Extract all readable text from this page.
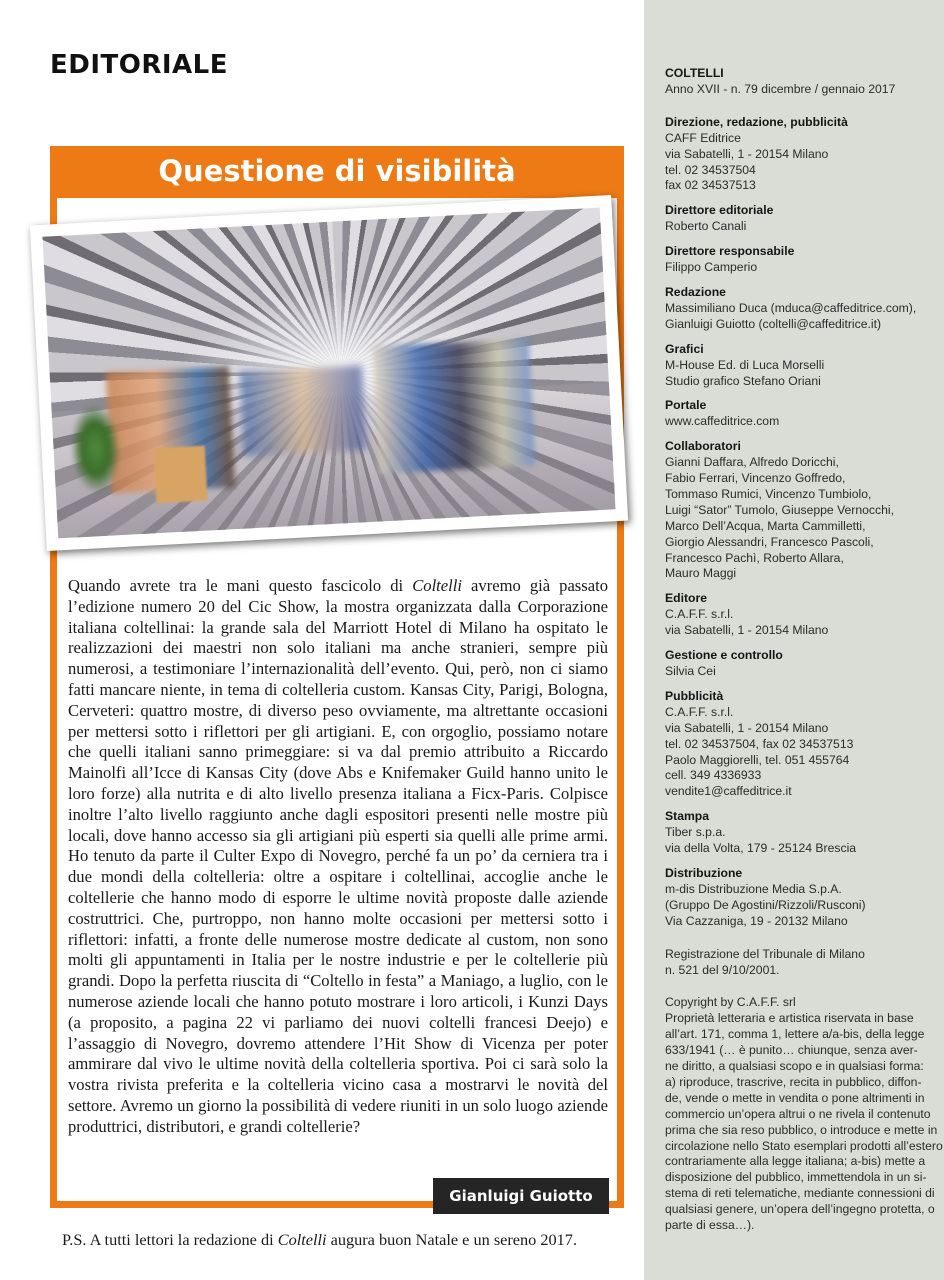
EDITORIALE
Questione di visibilità

Quando avrete tra le mani questo fascicolo di Coltelli avremo già passato l’edizione numero 20 del Cic Show, la mostra organizzata dalla Corporazione italiana coltellinai: la grande sala del Marriott Hotel di Milano ha ospitato le realizzazioni dei maestri non solo italiani ma anche stranieri, sempre più numerosi, a testimoniare l’internazionalità dell’evento. Qui, però, non ci siamo fatti mancare niente, in tema di coltelleria custom. Kansas City, Parigi, Bologna, Cerveteri: quattro mostre, di diverso peso ovviamente, ma altrettante occasioni per mettersi sotto i riflettori per gli artigiani. E, con orgoglio, possiamo notare che quelli italiani sanno primeggiare: si va dal premio attribuito a Riccardo Mainolfi all’Icce di Kansas City (dove Abs e Knifemaker Guild hanno unito le loro forze) alla nutrita e di alto livello presenza italiana a Ficx-Paris. Colpisce inoltre l’alto livello raggiunto anche dagli espositori presenti nelle mostre più locali, dove hanno accesso sia gli artigiani più esperti sia quelli alle prime armi. Ho tenuto da parte il Culter Expo di Novegro, perché fa un po’ da cerniera tra i due mondi della coltelleria: oltre a ospitare i coltellinai, accoglie anche le coltellerie che hanno modo di esporre le ultime novità proposte dalle aziende costruttrici. Che, purtroppo, non hanno molte occasioni per mettersi sotto i riflettori: infatti, a fronte delle numerose mostre dedicate al custom, non sono molti gli appuntamenti in Italia per le nostre industrie e per le coltellerie più grandi. Dopo la perfetta riuscita di “Coltello in festa” a Maniago, a luglio, con le numerose aziende locali che hanno potuto mostrare i loro articoli, i Kunzi Days (a proposito, a pagina 22 vi parliamo dei nuovi coltelli francesi Deejo) e l’assaggio di Novegro, dovremo attendere l’Hit Show di Vicenza per poter ammirare dal vivo le ultime novità della coltelleria sportiva. Poi ci sarà solo la vostra rivista preferita e la coltelleria vicino casa a mostrarvi le novità del settore. Avremo un giorno la possibilità di vedere riuniti in un solo luogo aziende produttrici, distributori, e grandi coltellerie?

Gianluigi Guiotto
P.S. A tutti lettori la redazione di Coltelli augura buon Natale e un sereno 2017.
COLTELLI
Anno XVII - n. 79 dicembre / gennaio 2017
Direzione, redazione, pubblicità
CAFF Editrice
via Sabatelli, 1 - 20154 Milano
tel. 02 34537504
fax 02 34537513
Direttore editoriale
Roberto Canali
Direttore responsabile
Filippo Camperio
Redazione
Massimiliano Duca (mduca@caffeditrice.com),
Gianluigi Guiotto (coltelli@caffeditrice.it)
Grafici
M-House Ed. di Luca Morselli
Studio grafico Stefano Oriani
Portale
www.caffeditrice.com
Collaboratori
Gianni Daffara, Alfredo Doricchi,
Fabio Ferrari, Vincenzo Goffredo,
Tommaso Rumici, Vincenzo Tumbiolo,
Luigi “Sator” Tumolo, Giuseppe Vernocchi,
Marco Dell’Acqua, Marta Cammilletti,
Giorgio Alessandri, Francesco Pascoli,
Francesco Pachì, Roberto Allara,
Mauro Maggi
Editore
C.A.F.F. s.r.l.
via Sabatelli, 1 - 20154 Milano
Gestione e controllo
Silvia Cei
Pubblicità
C.A.F.F. s.r.l.
via Sabatelli, 1 - 20154 Milano
tel. 02 34537504, fax 02 34537513
Paolo Maggiorelli, tel. 051 455764
cell. 349 4336933
vendite1@caffeditrice.it
Stampa
Tiber s.p.a.
via della Volta, 179 - 25124 Brescia
Distribuzione
m-dis Distribuzione Media S.p.A.
(Gruppo De Agostini/Rizzoli/Rusconi)
Via Cazzaniga, 19 - 20132 Milano
Registrazione del Tribunale di Milano
n. 521 del 9/10/2001.
Copyright by C.A.F.F. srl
Proprietà letteraria e artistica riservata in base
all’art. 171, comma 1, lettere a/a-bis, della legge
633/1941 (… è punito… chiunque, senza aver-
ne diritto, a qualsiasi scopo e in qualsiasi forma:
a) riproduce, trascrive, recita in pubblico, diffon-
de, vende o mette in vendita o pone altrimenti in
commercio un’opera altrui o ne rivela il contenuto
prima che sia reso pubblico, o introduce e mette in
circolazione nello Stato esemplari prodotti all’estero
contrariamente alla legge italiana; a-bis) mette a
disposizione del pubblico, immettendola in un si-
stema di reti telematiche, mediante connessioni di
qualsiasi genere, un’opera dell’ingegno protetta, o
parte di essa…).
